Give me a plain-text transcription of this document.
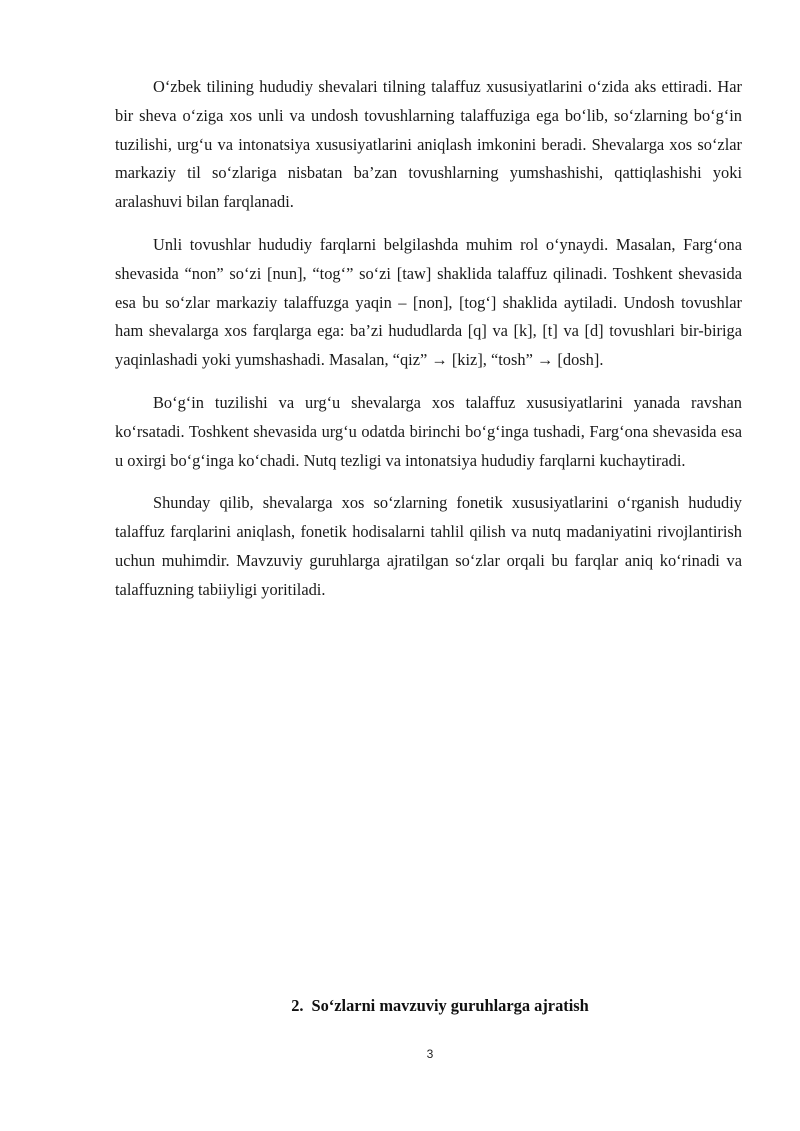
O‘zbek tilining hududiy shevalari tilning talaffuz xususiyatlarini o‘zida aks ettiradi. Har bir sheva o‘ziga xos unli va undosh tovushlarning talaffuziga ega bo‘lib, so‘zlarning bo‘g‘in tuzilishi, urg‘u va intonatsiya xususiyatlarini aniqlash imkonini beradi. Shevalarga xos so‘zlar markaziy til so‘zlariga nisbatan ba’zan tovushlarning yumshashishi, qattiqlashishi yoki aralashuvi bilan farqlanadi.

Unli tovushlar hududiy farqlarni belgilashda muhim rol o‘ynaydi. Masalan, Farg‘ona shevasida “non” so‘zi [nun], “tog‘” so‘zi [taw] shaklida talaffuz qilinadi. Toshkent shevasida esa bu so‘zlar markaziy talaffuzga yaqin – [non], [tog‘] shaklida aytiladi. Undosh tovushlar ham shevalarga xos farqlarga ega: ba’zi hududlarda [q] va [k], [t] va [d] tovushlari bir-biriga yaqinlashadi yoki yumshashadi. Masalan, “qiz” → [kiz], “tosh” → [dosh].

Bo‘g‘in tuzilishi va urg‘u shevalarga xos talaffuz xususiyatlarini yanada ravshan ko‘rsatadi. Toshkent shevasida urg‘u odatda birinchi bo‘g‘inga tushadi, Farg‘ona shevasida esa u oxirgi bo‘g‘inga ko‘chadi. Nutq tezligi va intonatsiya hududiy farqlarni kuchaytiradi.

Shunday qilib, shevalarga xos so‘zlarning fonetik xususiyatlarini o‘rganish hududiy talaffuz farqlarini aniqlash, fonetik hodisalarni tahlil qilish va nutq madaniyatini rivojlantirish uchun muhimdir. Mavzuviy guruhlarga ajratilgan so‘zlar orqali bu farqlar aniq ko‘rinadi va talaffuzning tabiiyligi yoritiladi.

2. So‘zlarni mavzuviy guruhlarga ajratish
3
